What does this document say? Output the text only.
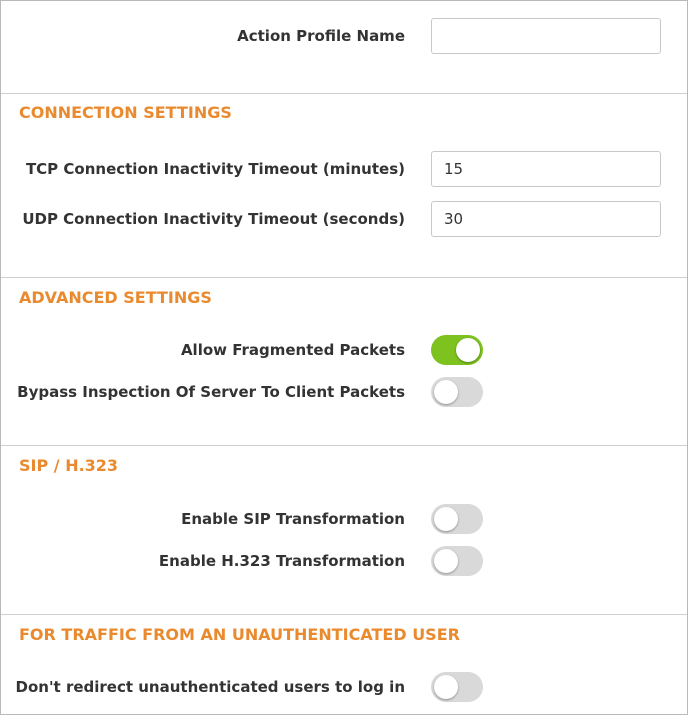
Action Profile Name
CONNECTION SETTINGS
TCP Connection Inactivity Timeout (minutes)
15
UDP Connection Inactivity Timeout (seconds)
30
ADVANCED SETTINGS
Allow Fragmented Packets
Bypass Inspection Of Server To Client Packets
SIP / H.323
Enable SIP Transformation
Enable H.323 Transformation
FOR TRAFFIC FROM AN UNAUTHENTICATED USER
Don't redirect unauthenticated users to log in
